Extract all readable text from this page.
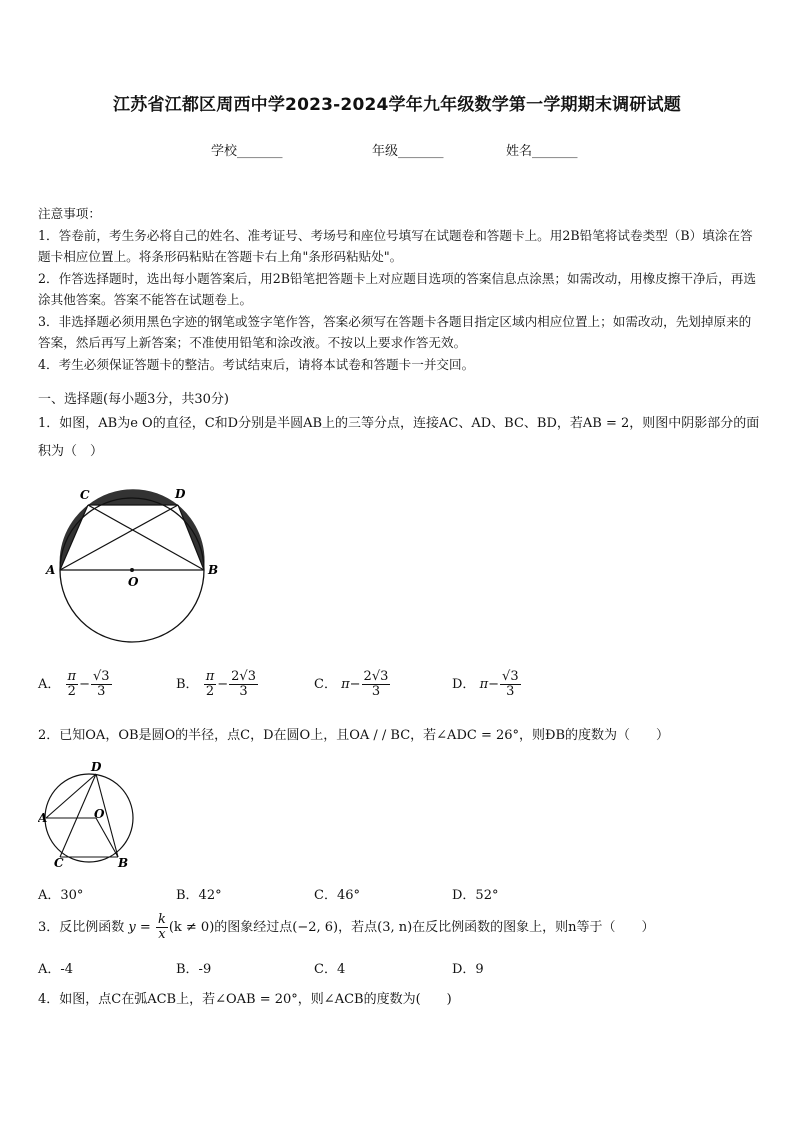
江苏省江都区周西中学2023-2024学年九年级数学第一学期期末调研试题
学校_______	年级_______	姓名_______

注意事项：

1．答卷前，考生务必将自己的姓名、准考证号、考场号和座位号填写在试题卷和答题卡上。用2B铅笔将试卷类型（B）填涂在答题卡相应位置上。将条形码粘贴在答题卡右上角"条形码粘贴处"。

2．作答选择题时，选出每小题答案后，用2B铅笔把答题卡上对应题目选项的答案信息点涂黑；如需改动，用橡皮擦干净后，再选涂其他答案。答案不能答在试题卷上。

3．非选择题必须用黑色字迹的钢笔或签字笔作答，答案必须写在答题卡各题目指定区域内相应位置上；如需改动，先划掉原来的答案，然后再写上新答案；不准使用铅笔和涂改液。不按以上要求作答无效。

4．考生必须保证答题卡的整洁。考试结束后，请将本试卷和答题卡一并交回。

一、选择题(每小题3分，共30分)
1．如图，AB为e O的直径，C和D分别是半圆AB上的三等分点，连接AC、AD、BC、BD，若AB = 2，则图中阴影部分的面积为（　）
A	B
C	D
O
A． $\frac{\pi}{2} - \frac{√3}{3}$	B． $\frac{\pi}{2} - \frac{2√3}{3}$	C． $\pi- \frac{2√3}{3}$	D． $\pi- \frac{√3}{3}$
2．已知OA，OB是圆O的半径，点C，D在圆O上，且OA / / BC，若∠ADC = 26°，则ÐB的度数为（　　）
D
A	O
C	B
A．30°	B．42°	C．46°	D．52°
3．反比例函数 $y = \frac{k}{x} (k \ne 0)$的图象经过点(−2, 6)，若点(3, n)在反比例函数的图象上，则n等于（　　）
A．-4	B．-9	C．4	D．9
4．如图，点C在弧ACB上，若∠OAB = 20°，则∠ACB的度数为(　　)
